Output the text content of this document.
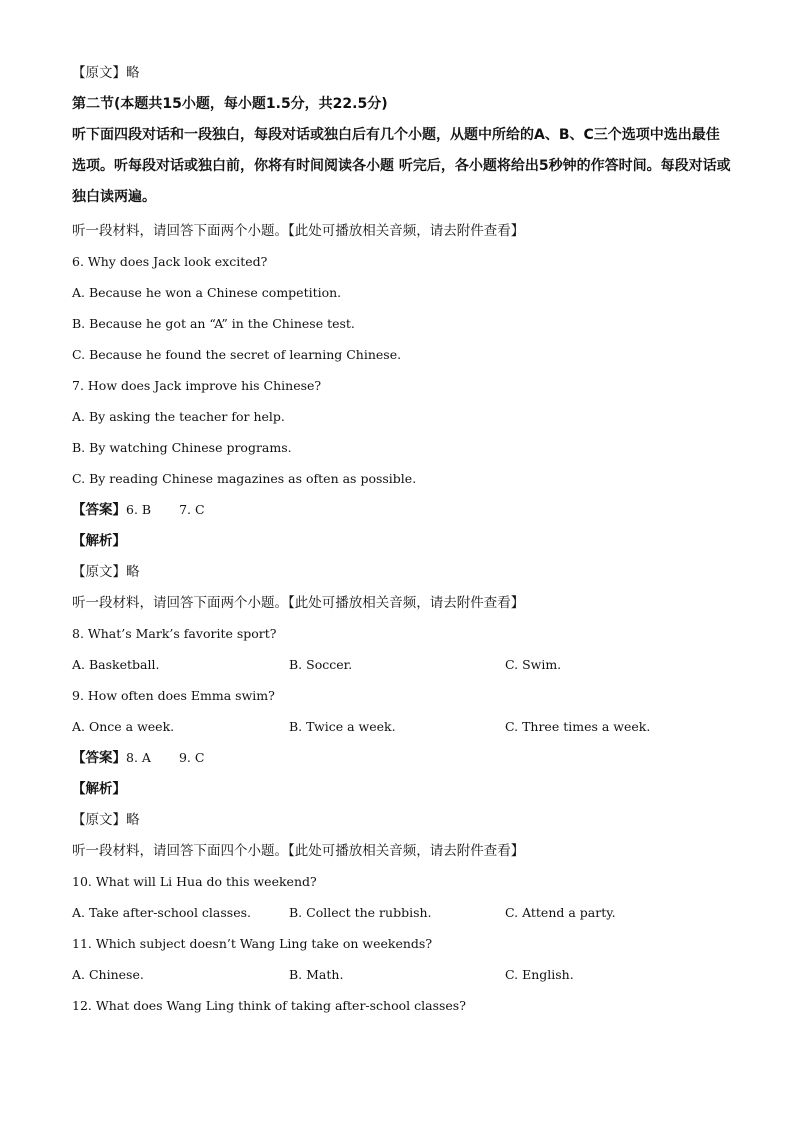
【原文】略

第二节(本题共15小题，每小题1.5分，共22.5分)

听下面四段对话和一段独白，每段对话或独白后有几个小题，从题中所给的A、B、C三个选项中选出最佳选项。听每段对话或独白前，你将有时间阅读各小题 听完后，各小题将给出5秒钟的作答时间。每段对话或独白读两遍。

听一段材料，请回答下面两个小题。【此处可播放相关音频，请去附件查看】

6. Why does Jack look excited?

A. Because he won a Chinese competition.

B. Because he got an “A” in the Chinese test.

C. Because he found the secret of learning Chinese.

7. How does Jack improve his Chinese?

A. By asking the teacher for help.

B. By watching Chinese programs.

C. By reading Chinese magazines as often as possible.

【答案】6. B 7. C

【解析】

【原文】略

听一段材料，请回答下面两个小题。【此处可播放相关音频，请去附件查看】

8. What’s Mark’s favorite sport?

A. Basketball.	B. Soccer.	C. Swim.

9. How often does Emma swim?

A. Once a week.	B. Twice a week.	C. Three times a week.

【答案】8. A 9. C

【解析】

【原文】略

听一段材料，请回答下面四个小题。【此处可播放相关音频，请去附件查看】

10. What will Li Hua do this weekend?

A. Take after-school classes.	B. Collect the rubbish.	C. Attend a party.

11. Which subject doesn’t Wang Ling take on weekends?

A. Chinese.	B. Math.	C. English.

12. What does Wang Ling think of taking after-school classes?
